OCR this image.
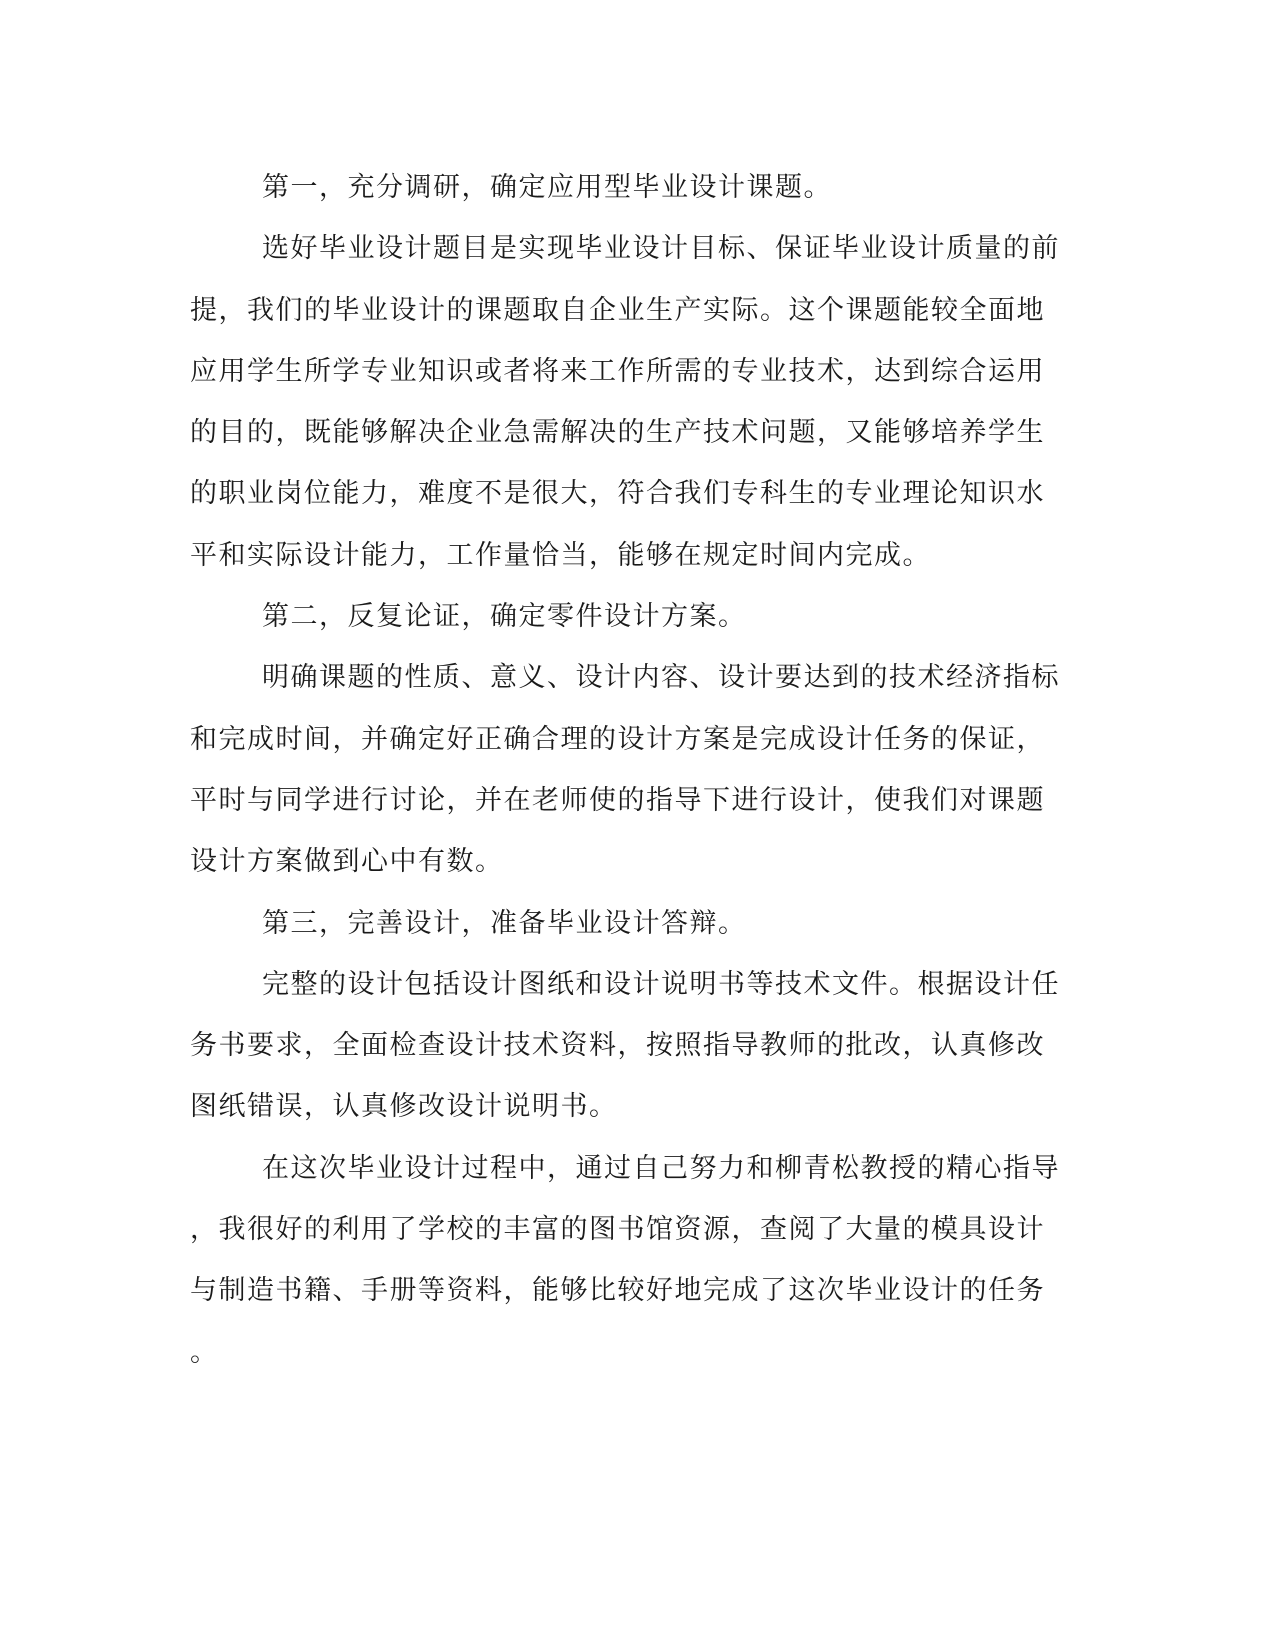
第一，充分调研，确定应用型毕业设计课题。
选好毕业设计题目是实现毕业设计目标、保证毕业设计质量的前
提，我们的毕业设计的课题取自企业生产实际。这个课题能较全面地
应用学生所学专业知识或者将来工作所需的专业技术，达到综合运用
的目的，既能够解决企业急需解决的生产技术问题，又能够培养学生
的职业岗位能力，难度不是很大，符合我们专科生的专业理论知识水
平和实际设计能力，工作量恰当，能够在规定时间内完成。
第二，反复论证，确定零件设计方案。
明确课题的性质、意义、设计内容、设计要达到的技术经济指标
和完成时间，并确定好正确合理的设计方案是完成设计任务的保证，
平时与同学进行讨论，并在老师使的指导下进行设计，使我们对课题
设计方案做到心中有数。
第三，完善设计，准备毕业设计答辩。
完整的设计包括设计图纸和设计说明书等技术文件。根据设计任
务书要求，全面检查设计技术资料，按照指导教师的批改，认真修改
图纸错误，认真修改设计说明书。
在这次毕业设计过程中，通过自己努力和柳青松教授的精心指导
，我很好的利用了学校的丰富的图书馆资源，查阅了大量的模具设计
与制造书籍、手册等资料，能够比较好地完成了这次毕业设计的任务
。
